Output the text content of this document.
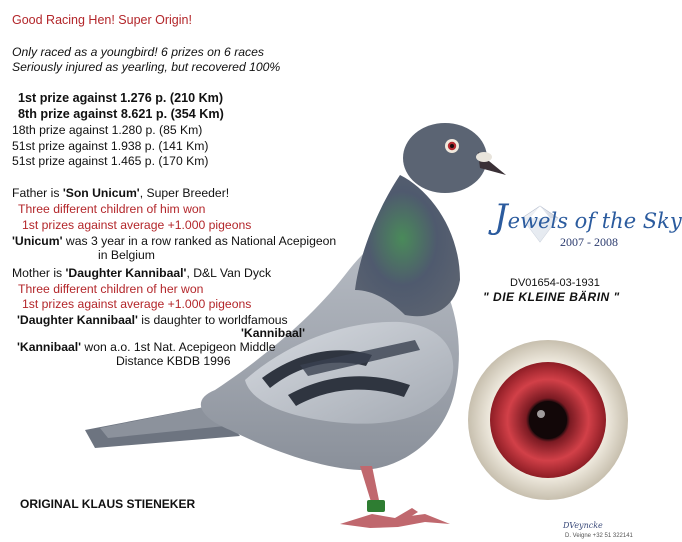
Good Racing Hen! Super Origin!
Only raced as a youngbird! 6 prizes on 6 races
Seriously injured as yearling, but recovered 100%
1st prize against 1.276 p. (210 Km)
8th prize against 8.621 p. (354 Km)
18th prize against 1.280 p. (85 Km)
51st prize against 1.938 p. (141 Km)
51st prize against 1.465 p. (170 Km)
Father is 'Son Unicum', Super Breeder!
Three different children of him won
1st prizes against average +1.000 pigeons
'Unicum' was 3 year in a row ranked as National Acepigeon
in Belgium
Mother is 'Daughter Kannibaal', D&L Van Dyck
Three different children of her won
1st prizes against average +1.000 pigeons
'Daughter Kannibaal' is daughter to worldfamous
'Kannibaal'
'Kannibaal' won a.o. 1st Nat. Acepigeon Middle
Distance KBDB 1996
Jewels of the Sky
2007 - 2008
DV01654-03-1931
" DIE KLEINE BÄRIN "
ORIGINAL KLAUS STIENEKER
DVeyncke
D. Veigne +32 51 322141
